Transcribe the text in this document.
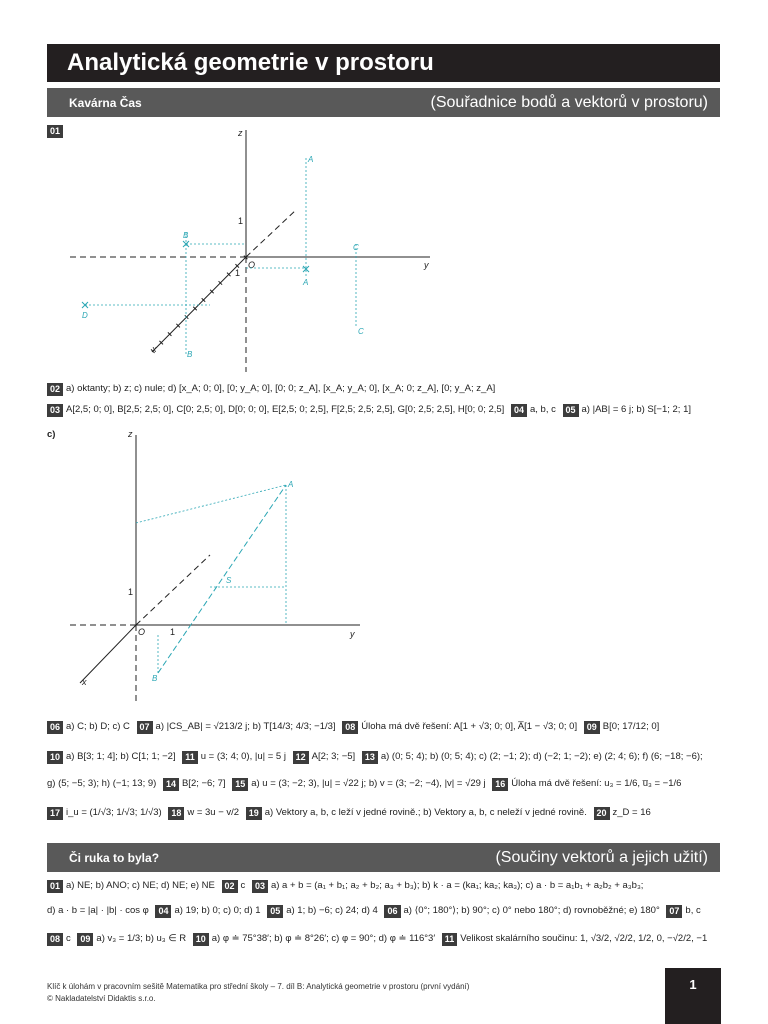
Analytická geometrie v prostoru
Kavárna Čas	(Souřadnice bodů a vektorů v prostoru)
01	z
y
x
O
1
1
A
A
B
B
C
C
D
02 a) oktanty; b) z; c) nule; d) [x_A; 0; 0], [0; y_A; 0], [0; 0; z_A], [x_A; y_A; 0], [x_A; 0; z_A], [0; y_A; z_A]
03 A[2,5; 0; 0], B[2,5; 2,5; 0], C[0; 2,5; 0], D[0; 0; 0], E[2,5; 0; 2,5], F[2,5; 2,5; 2,5], G[0; 2,5; 2,5], H[0; 0; 2,5] 04 a, b, c 05 a) |AB| = 6 j; b) S[−1; 2; 1]
c)	z
y
x
O
1
1
A
B
S
06 a) C; b) D; c) C 07 a) |CS_AB| = √213/2 j; b) T[14/3; 4/3; −1/3] 08 Úloha má dvě řešení: A[1 + √3; 0; 0], A̅[1 − √3; 0; 0] 09 B[0; 17/12; 0]
10 a) B[3; 1; 4]; b) C[1; 1; −2] 11 u = (3; 4; 0), |u| = 5 j 12 A[2; 3; −5] 13 a) (0; 5; 4); b) (0; 5; 4); c) (2; −1; 2); d) (−2; 1; −2); e) (2; 4; 6); f) (6; −18; −6);
g) (5; −5; 3); h) (−1; 13; 9) 14 B[2; −6; 7] 15 a) u = (3; −2; 3), |u| = √22 j; b) v = (3; −2; −4), |v| = √29 j 16 Úloha má dvě řešení: u₃ = 1/6, u̅₃ = −1/6
17 i_u = (1/√3; 1/√3; 1/√3) 18 w = 3u − v/2 19 a) Vektory a, b, c leží v jedné rovině.; b) Vektory a, b, c neleží v jedné rovině. 20 z_D = 16
Či ruka to byla?	(Součiny vektorů a jejich užití)
01 a) NE; b) ANO; c) NE; d) NE; e) NE 02 c 03 a) a + b = (a₁ + b₁; a₂ + b₂; a₃ + b₃); b) k · a = (ka₁; ka₂; ka₃); c) a · b = a₁b₁ + a₂b₂ + a₃b₃;
d) a · b = |a| · |b| · cos φ 04 a) 19; b) 0; c) 0; d) 1 05 a) 1; b) −6; c) 24; d) 4 06 a) ⟨0°; 180°⟩; b) 90°; c) 0° nebo 180°; d) rovnoběžné; e) 180° 07 b, c
08 c 09 a) v₃ = 1/3; b) u₃ ∈ R 10 a) φ ≐ 75°38′; b) φ ≐ 8°26′; c) φ = 90°; d) φ ≐ 116°3′ 11 Velikost skalárního součinu: 1, √3/2, √2/2, 1/2, 0, −√2/2, −1
Klíč k úlohám v pracovním sešitě Matematika pro střední školy – 7. díl B: Analytická geometrie v prostoru (první vydání)
© Nakladatelství Didaktis s.r.o.
1
